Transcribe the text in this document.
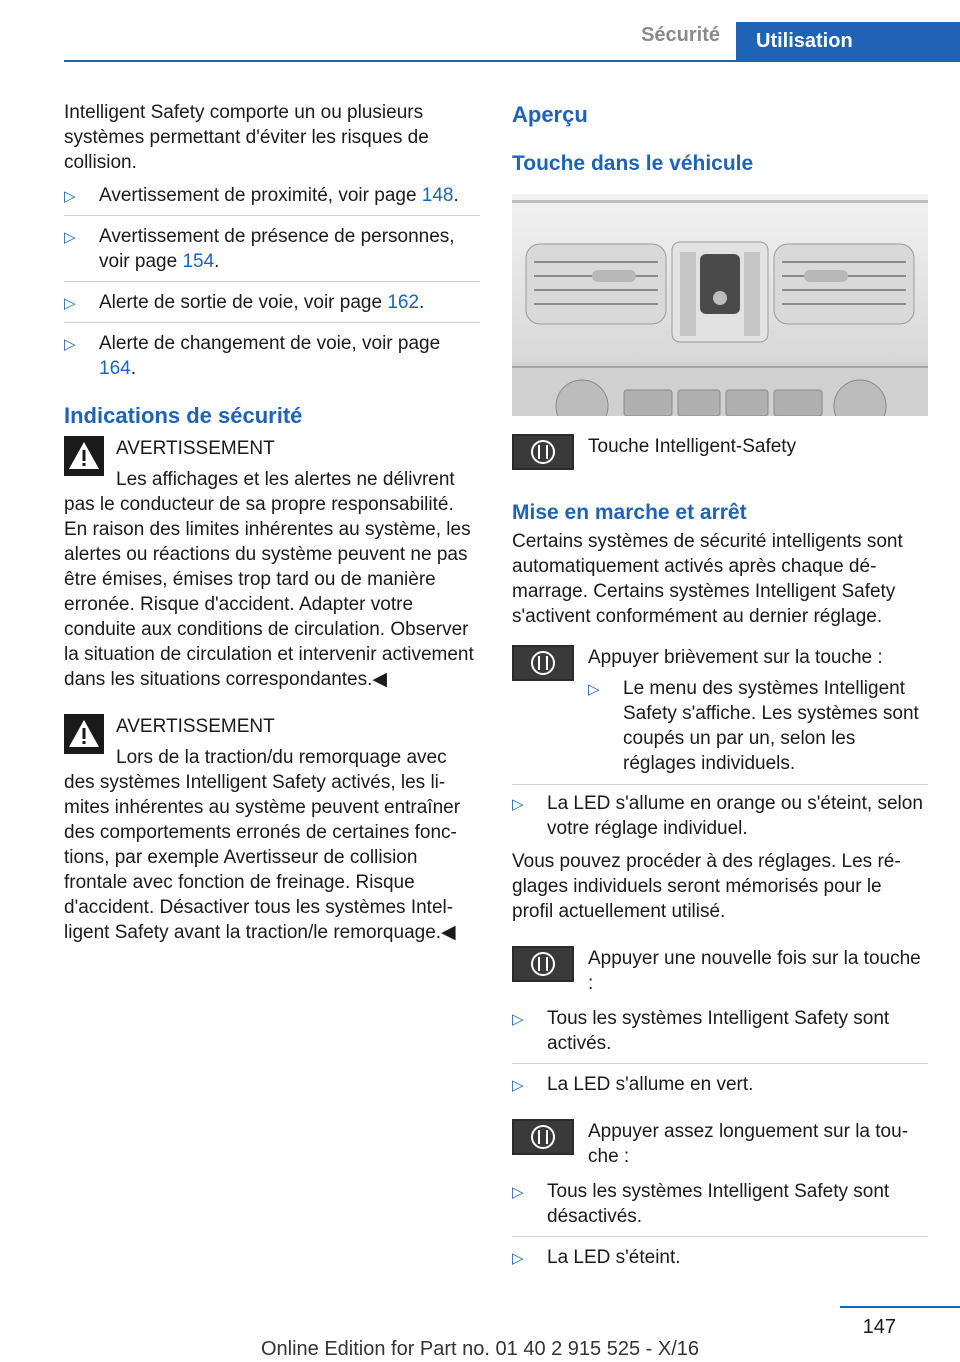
Sécurité	Utilisation

Intelligent Safety comporte un ou plusieurs systèmes permettant d'éviter les risques de collision.

▷ Avertissement de proximité, voir page 148.
▷ Avertissement de présence de personnes, voir page 154.
▷ Alerte de sortie de voie, voir page 162.
▷ Alerte de changement de voie, voir page 164.
Indications de sécurité

AVERTISSEMENT

Les affichages et les alertes ne délivrent

pas le conducteur de sa propre responsabilité. En raison des limites inhérentes au système, les alertes ou réactions du système peuvent ne pas être émises, émises trop tard ou de manière erronée. Risque d'accident. Adapter votre conduite aux conditions de circulation. Observer la situation de circulation et intervenir activement dans les situations correspondantes.◀

AVERTISSEMENT

Lors de la traction/du remorquage avec

des systèmes Intelligent Safety activés, les limites inhérentes au système peuvent entraîner des comportements erronés de certaines fonctions, par exemple Avertisseur de collision frontale avec fonction de freinage. Risque d'accident. Désactiver tous les systèmes Intelligent Safety avant la traction/le remorquage.◀

Aperçu
Touche dans le véhicule

Touche Intelligent-Safety

Mise en marche et arrêt

Certains systèmes de sécurité intelligents sont automatiquement activés après chaque démarrage. Certains systèmes Intelligent Safety s'activent conformément au dernier réglage.

Appuyer brièvement sur la touche :

▷ Le menu des systèmes Intelligent Safety s'affiche. Les systèmes sont coupés un par un, selon les réglages individuels.
▷ La LED s'allume en orange ou s'éteint, selon votre réglage individuel.

Vous pouvez procéder à des réglages. Les réglages individuels seront mémorisés pour le profil actuellement utilisé.

Appuyer une nouvelle fois sur la touche :

▷ Tous les systèmes Intelligent Safety sont activés.
▷ La LED s'allume en vert.

Appuyer assez longuement sur la touche :

▷ Tous les systèmes Intelligent Safety sont désactivés.
▷ La LED s'éteint.
147
Online Edition for Part no. 01 40 2 915 525 - X/16
